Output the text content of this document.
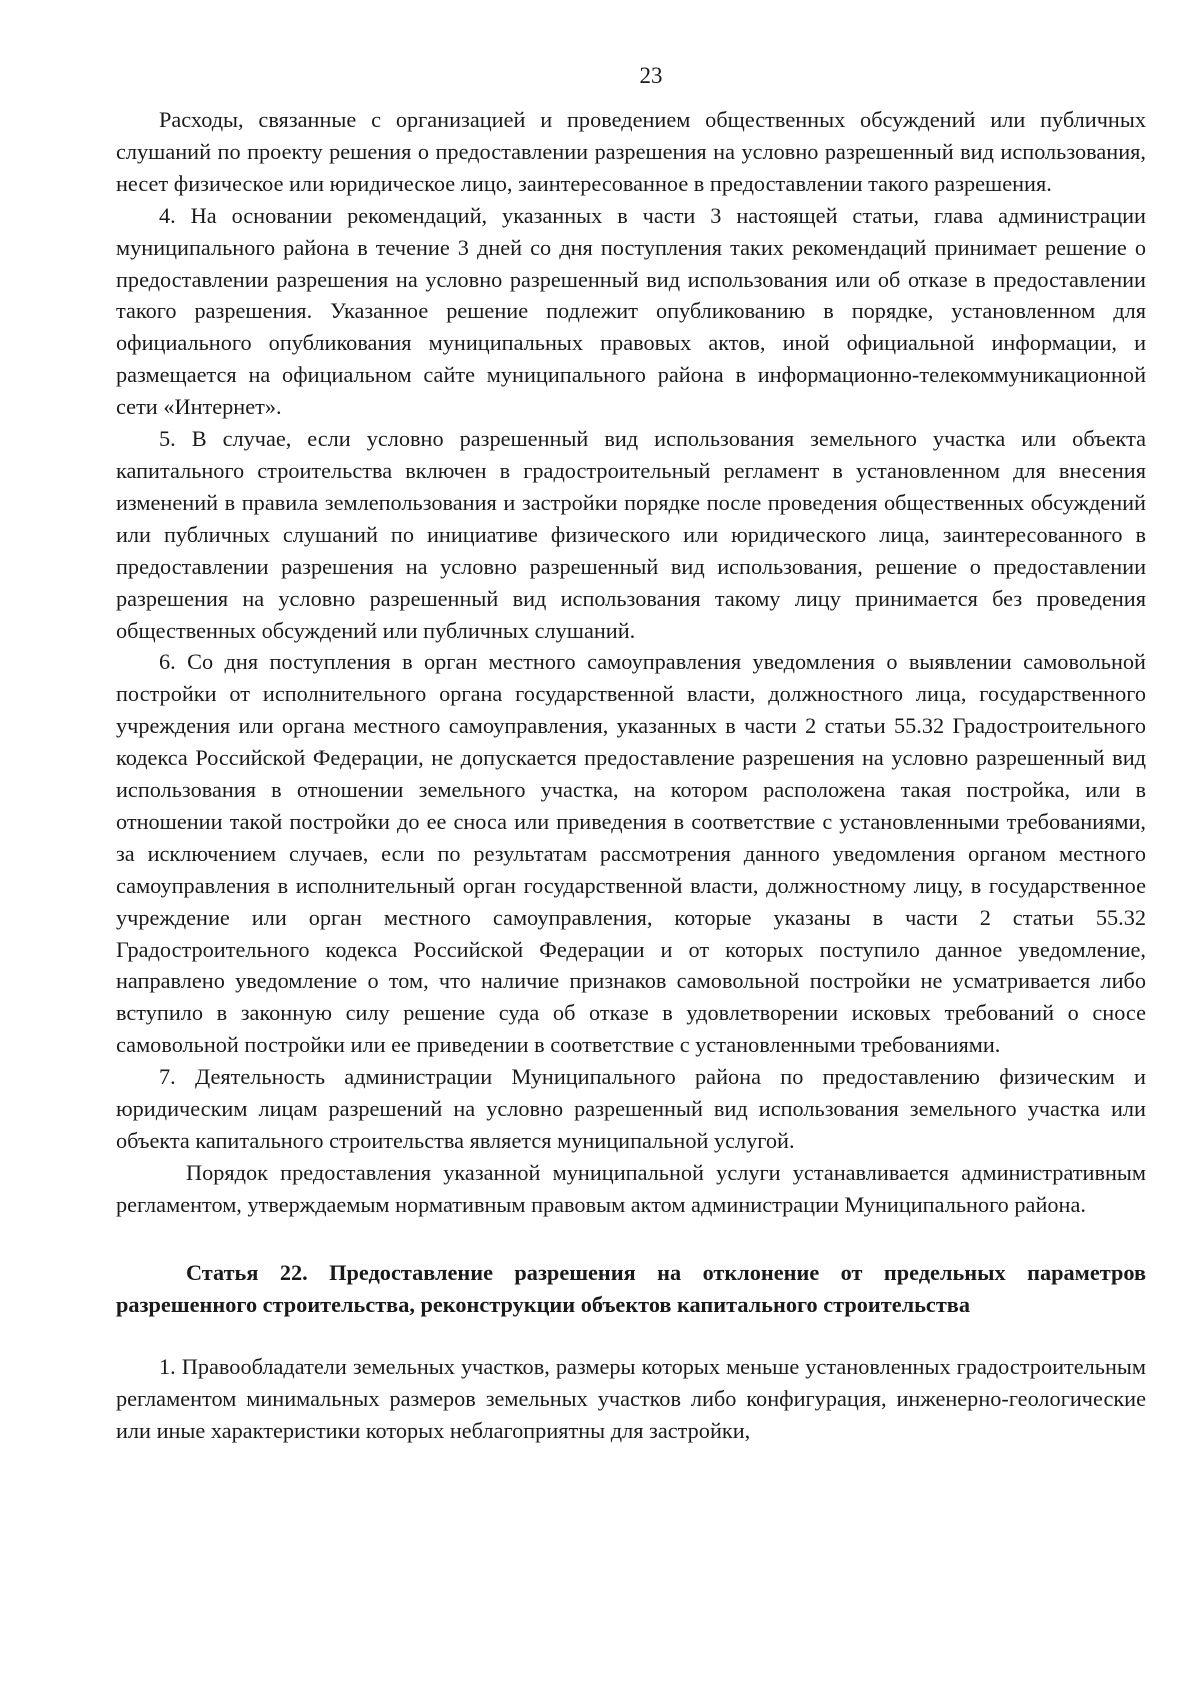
23

Расходы, связанные с организацией и проведением общественных обсуждений или публичных слушаний по проекту решения о предоставлении разрешения на условно разрешенный вид использования, несет физическое или юридическое лицо, заинтересованное в предоставлении такого разрешения.

4. На основании рекомендаций, указанных в части 3 настоящей статьи, глава администрации муниципального района в течение 3 дней со дня поступления таких рекомендаций принимает решение о предоставлении разрешения на условно разрешенный вид использования или об отказе в предоставлении такого разрешения. Указанное решение подлежит опубликованию в порядке, установленном для официального опубликования муниципальных правовых актов, иной официальной информации, и размещается на официальном сайте муниципального района в информационно-телекоммуникационной сети «Интернет».

5. В случае, если условно разрешенный вид использования земельного участка или объекта капитального строительства включен в градостроительный регламент в установленном для внесения изменений в правила землепользования и застройки порядке после проведения общественных обсуждений или публичных слушаний по инициативе физического или юридического лица, заинтересованного в предоставлении разрешения на условно разрешенный вид использования, решение о предоставлении разрешения на условно разрешенный вид использования такому лицу принимается без проведения общественных обсуждений или публичных слушаний.

6. Со дня поступления в орган местного самоуправления уведомления о выявлении самовольной постройки от исполнительного органа государственной власти, должностного лица, государственного учреждения или органа местного самоуправления, указанных в части 2 статьи 55.32 Градостроительного кодекса Российской Федерации, не допускается предоставление разрешения на условно разрешенный вид использования в отношении земельного участка, на котором расположена такая постройка, или в отношении такой постройки до ее сноса или приведения в соответствие с установленными требованиями, за исключением случаев, если по результатам рассмотрения данного уведомления органом местного самоуправления в исполнительный орган государственной власти, должностному лицу, в государственное учреждение или орган местного самоуправления, которые указаны в части 2 статьи 55.32 Градостроительного кодекса Российской Федерации и от которых поступило данное уведомление, направлено уведомление о том, что наличие признаков самовольной постройки не усматривается либо вступило в законную силу решение суда об отказе в удовлетворении исковых требований о сносе самовольной постройки или ее приведении в соответствие с установленными требованиями.

7. Деятельность администрации Муниципального района по предоставлению физическим и юридическим лицам разрешений на условно разрешенный вид использования земельного участка или объекта капитального строительства является муниципальной услугой.

Порядок предоставления указанной муниципальной услуги устанавливается административным регламентом, утверждаемым нормативным правовым актом администрации Муниципального района.

Статья 22. Предоставление разрешения на отклонение от предельных параметров разрешенного строительства, реконструкции объектов капитального строительства

1. Правообладатели земельных участков, размеры которых меньше установленных градостроительным регламентом минимальных размеров земельных участков либо конфигурация, инженерно-геологические или иные характеристики которых неблагоприятны для застройки,
